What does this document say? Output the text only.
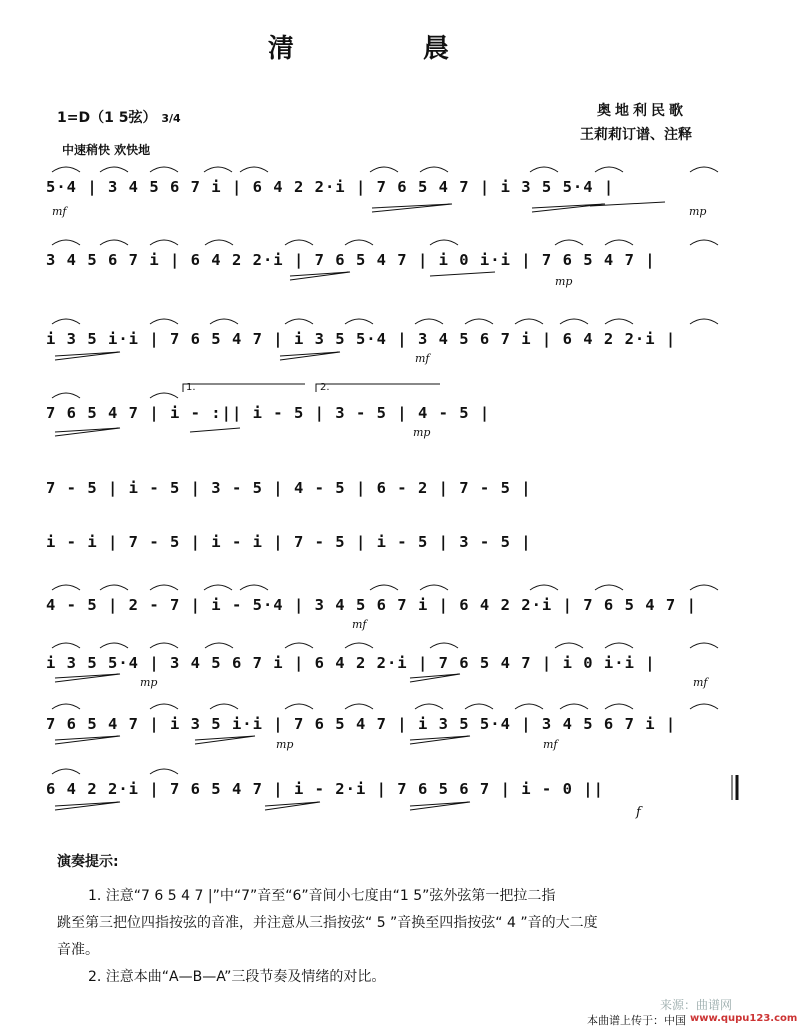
清 晨
1=D（1 5弦） 3/4	奥地利民歌
王莉莉订谱、注释
中速稍快 欢快地
5·4 | 3 4 5 6 7 i | 6 4 2 2·i | 7 6 5 4 7 | i 3 5 5·4 |
3 4 5 6 7 i | 6 4 2 2·i | 7 6 5 4 7 | i 0 i·i | 7 6 5 4 7 |
i 3 5 i·i | 7 6 5 4 7 | i 3 5 5·4 | 3 4 5 6 7 i | 6 4 2 2·i |
7 6 5 4 7 | i - :|| i - 5 | 3 - 5 | 4 - 5 |
7 - 5 | i - 5 | 3 - 5 | 4 - 5 | 6 - 2 | 7 - 5 |
i - i | 7 - 5 | i - i | 7 - 5 | i - 5 | 3 - 5 |
4 - 5 | 2 - 7 | i - 5·4 | 3 4 5 6 7 i | 6 4 2 2·i | 7 6 5 4 7 |
i 3 5 5·4 | 3 4 5 6 7 i | 6 4 2 2·i | 7 6 5 4 7 | i 0 i·i |
7 6 5 4 7 | i 3 5 i·i | 7 6 5 4 7 | i 3 5 5·4 | 3 4 5 6 7 i |
6 4 2 2·i | 7 6 5 4 7 | i - 2·i | 7 6 5 6 7 | i - 0 ||
mf	mp
mp
mf
mp
mf
mp	mf
mp	mf
f
1.	2.
演奏提示:
1. 注意“7 6 5 4 7 |”中“7”音至“6”音间小七度由“1 5”弦外弦第一把拉二指
跳至第三把位四指按弦的音准，并注意从三指按弦“ 5 ”音换至四指按弦“ 4 ”音的大二度
音准。
2. 注意本曲“A—B—A”三段节奏及情绪的对比。
来源：曲谱网
本曲谱上传于：中国 www.qupu123.com
